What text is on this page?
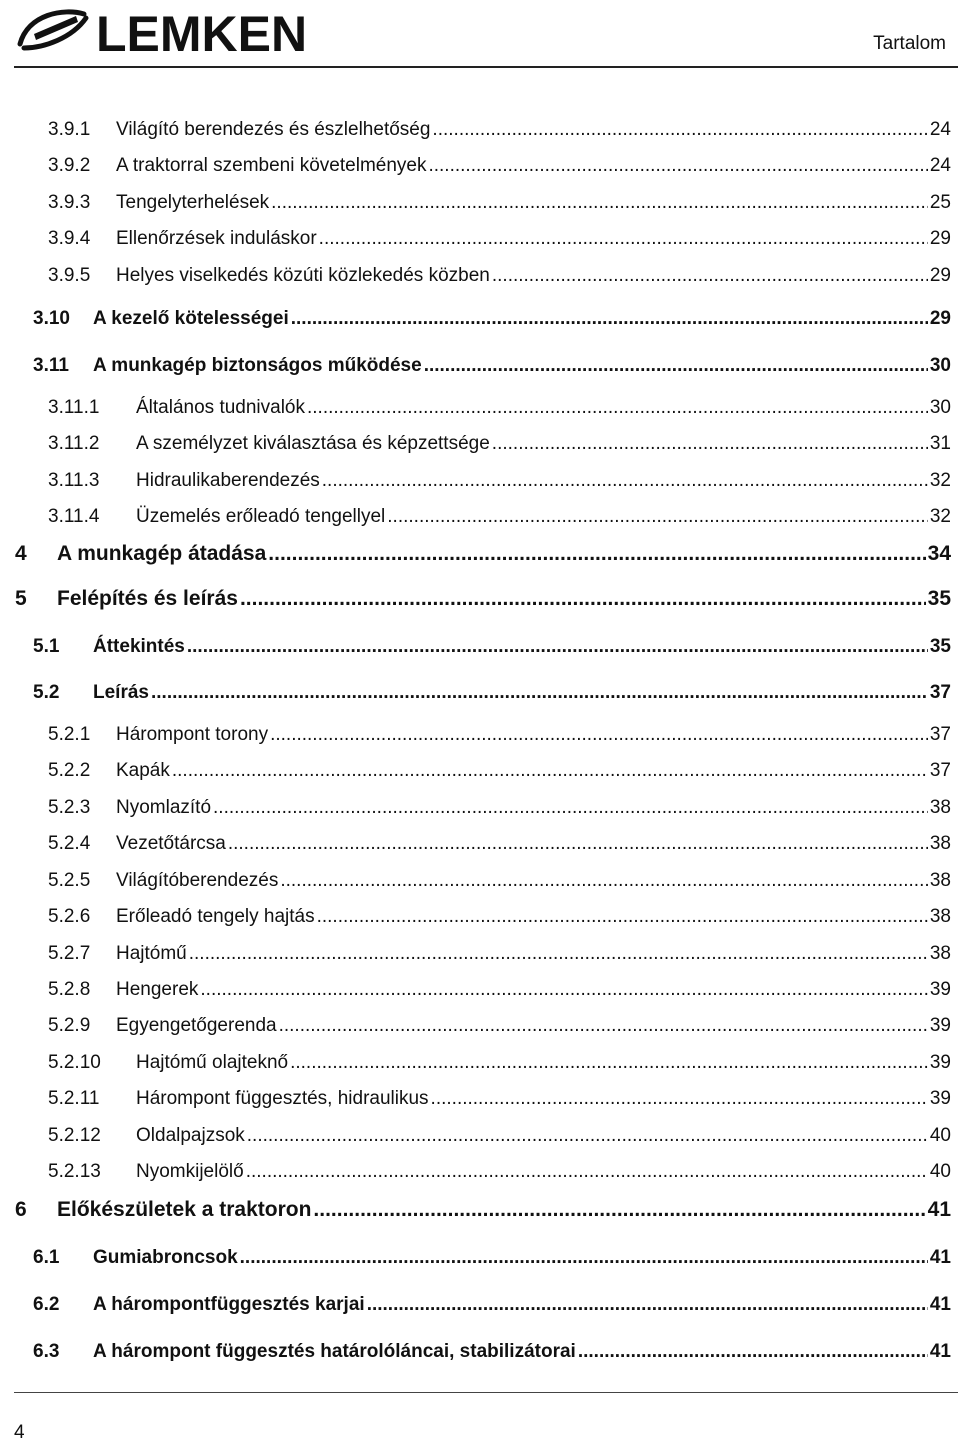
LEMKEN	Tartalom
3.9.1	Világító berendezés és észlelhetőség .....	24
3.9.2	A traktorral szembeni követelmények .....	24
3.9.3	Tengelyterhelések .....	25
3.9.4	Ellenőrzések induláskor .....	29
3.9.5	Helyes viselkedés közúti közlekedés közben .....	29
3.10	A kezelő kötelességei .....	29
3.11	A munkagép biztonságos működése .....	30
3.11.1	Általános tudnivalók .....	30
3.11.2	A személyzet kiválasztása és képzettsége .....	31
3.11.3	Hidraulikaberendezés .....	32
3.11.4	Üzemelés erőleadó tengellyel .....	32
4	A munkagép átadása .....	34
5	Felépítés és leírás .....	35
5.1	Áttekintés .....	35
5.2	Leírás .....	37
5.2.1	Hárompont torony .....	37
5.2.2	Kapák .....	37
5.2.3	Nyomlazító .....	38
5.2.4	Vezetőtárcsa .....	38
5.2.5	Világítóberendezés .....	38
5.2.6	Erőleadó tengely hajtás .....	38
5.2.7	Hajtómű .....	38
5.2.8	Hengerek .....	39
5.2.9	Egyengetőgerenda .....	39
5.2.10	Hajtómű olajteknő .....	39
5.2.11	Hárompont függesztés, hidraulikus .....	39
5.2.12	Oldalpajzsok .....	40
5.2.13	Nyomkijelölő .....	40
6	Előkészületek a traktoron .....	41
6.1	Gumiabroncsok .....	41
6.2	A hárompontfüggesztés karjai .....	41
6.3	A hárompont függesztés határolóláncai, stabilizátorai .....	41
4
